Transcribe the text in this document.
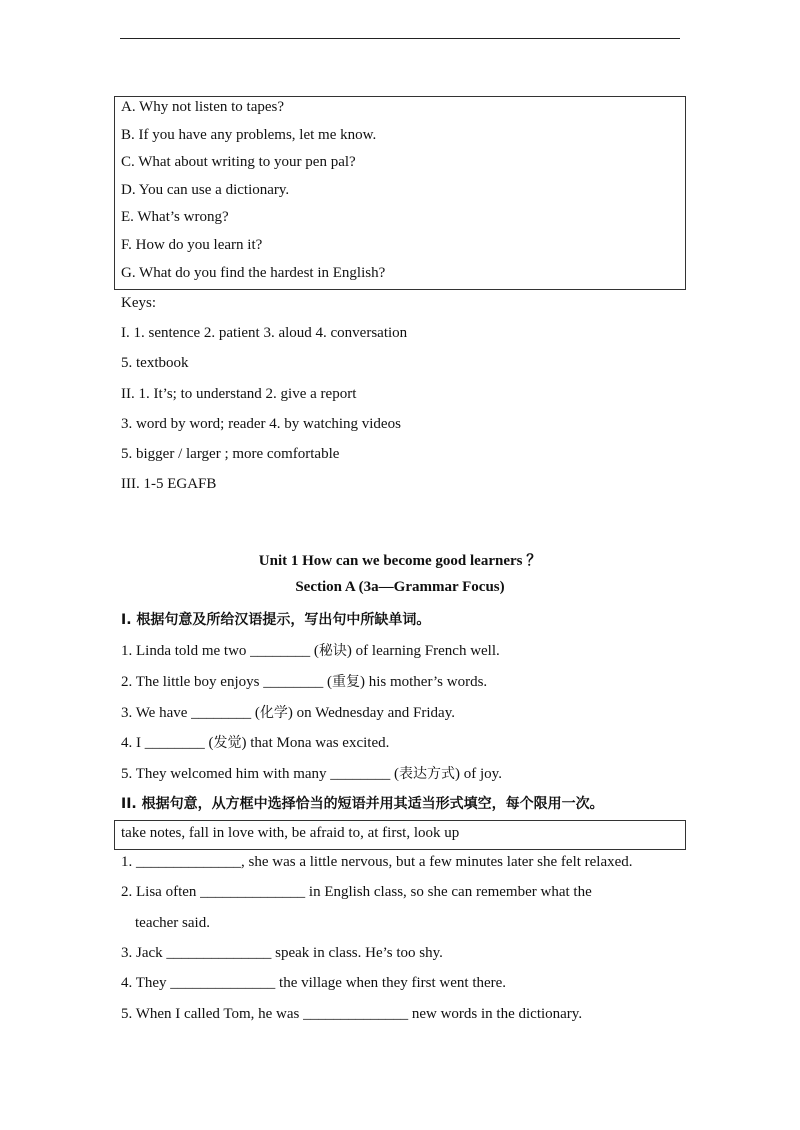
A. Why not listen to tapes?
B. If you have any problems, let me know.
C. What about writing to your pen pal?
D. You can use a dictionary.
E. What’s wrong?
F. How do you learn it?
G. What do you find the hardest in English?
Keys:
I. 1. sentence 2. patient 3. aloud 4. conversation
5. textbook
II. 1. It’s; to understand 2. give a report
3. word by word; reader 4. by watching videos
5. bigger / larger ; more comfortable
III. 1-5 EGAFB
Unit 1 How can we become good learners ？
Section A (3a—Grammar Focus)
I. 根据句意及所给汉语提示，写出句中所缺单词。
1. Linda told me two ________ (秘诀) of learning French well.
2. The little boy enjoys ________ (重复) his mother’s words.
3. We have ________ (化学) on Wednesday and Friday.
4. I ________ (发觉) that Mona was excited.
5. They welcomed him with many ________ (表达方式) of joy.
II. 根据句意，从方框中选择恰当的短语并用其适当形式填空，每个限用一次。
take notes, fall in love with, be afraid to, at first, look up
1. ______________, she was a little nervous, but a few minutes later she felt relaxed.
2. Lisa often ______________ in English class, so she can remember what the
teacher said.
3. Jack ______________ speak in class. He’s too shy.
4. They ______________ the village when they first went there.
5. When I called Tom, he was ______________ new words in the dictionary.
